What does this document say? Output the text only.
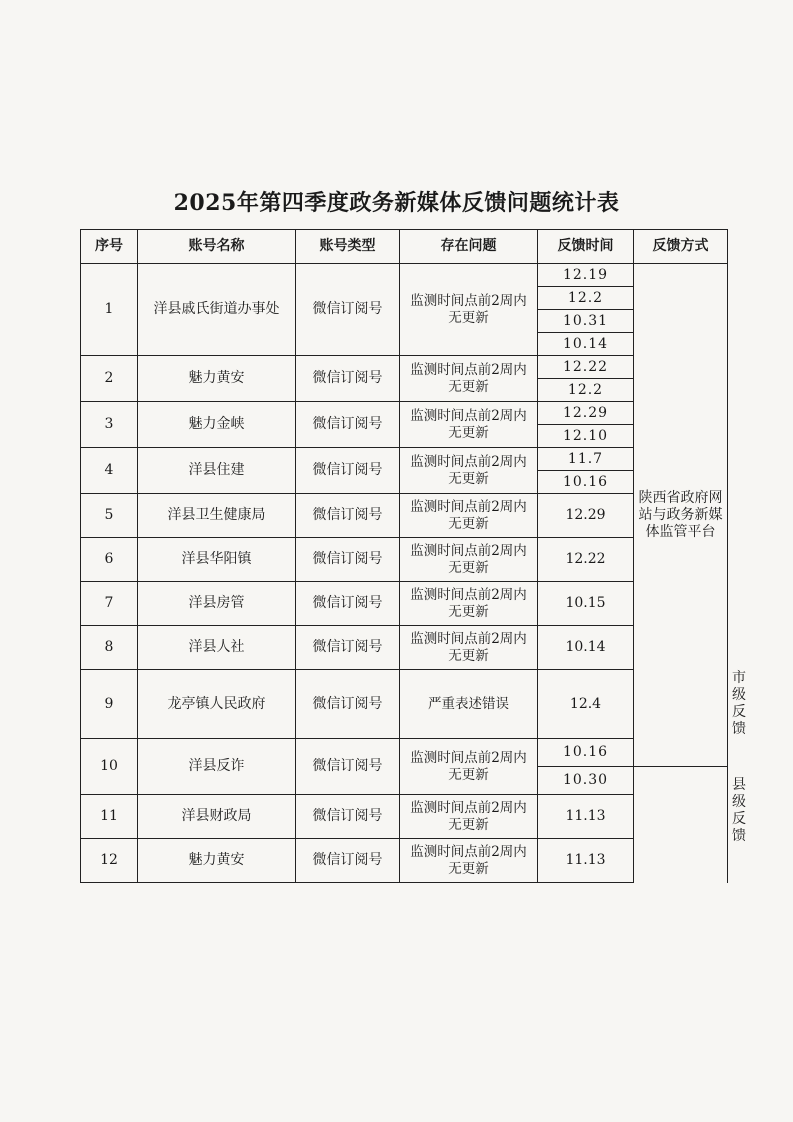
2025年第四季度政务新媒体反馈问题统计表
序号	账号名称	账号类型	存在问题	反馈时间	反馈方式	
1	洋县戚氏街道办事处	微信订阅号	监测时间点前2周内无更新	12.19	陕西省政府网站与政务新媒体监管平台	
				12.2		
				10.31		
				10.14		
2	魅力黄安	微信订阅号	监测时间点前2周内无更新	12.22		
				12.2		
3	魅力金峡	微信订阅号	监测时间点前2周内无更新	12.29		
				12.10		
4	洋县住建	微信订阅号	监测时间点前2周内无更新	11.7		
				10.16		
5	洋县卫生健康局	微信订阅号	监测时间点前2周内无更新	12.29		

6	洋县华阳镇	微信订阅号	监测时间点前2周内无更新	12.22		

7	洋县房管	微信订阅号	监测时间点前2周内无更新	10.15		

8	洋县人社	微信订阅号	监测时间点前2周内无更新	10.14		

9	龙亭镇人民政府	微信订阅号	严重表述错误	12.4		市级反馈
10	洋县反诈	微信订阅号	监测时间点前2周内无更新	10.16		县级反馈
				10.30		
11	洋县财政局	微信订阅号	监测时间点前2周内无更新	11.13		

12	魅力黄安	微信订阅号	监测时间点前2周内无更新	11.13		
